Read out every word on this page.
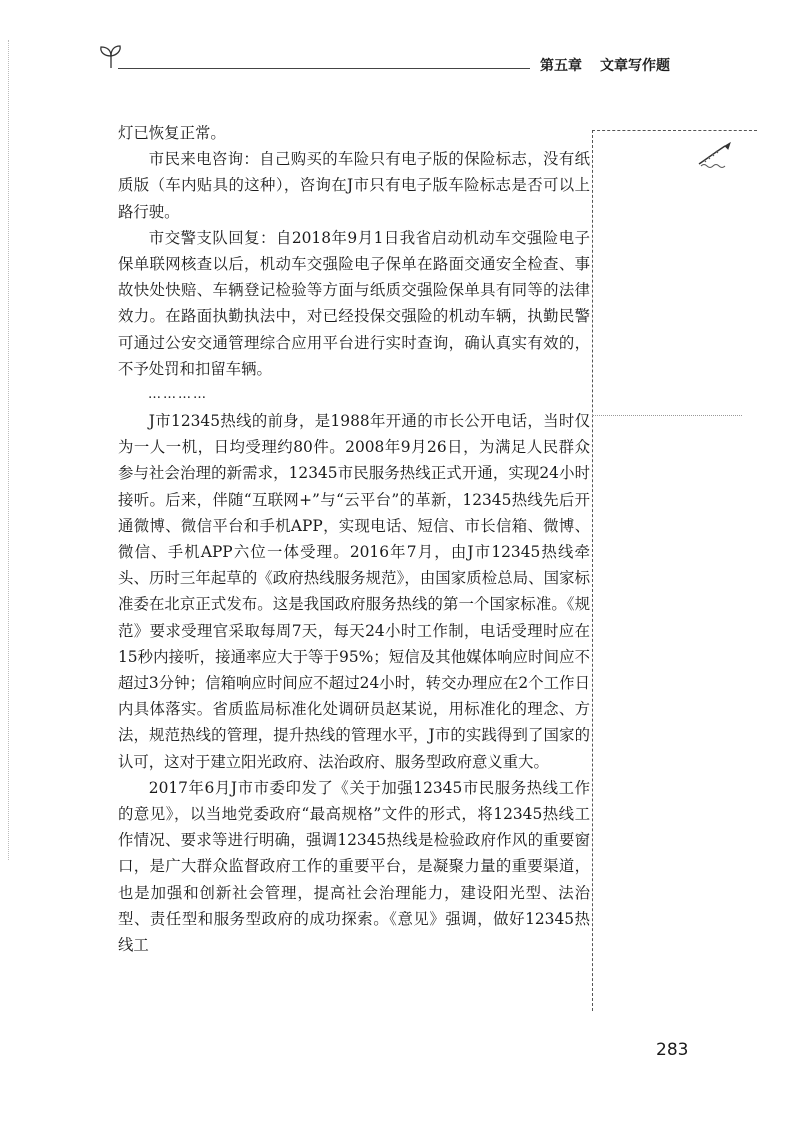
第五章 文章写作题

灯已恢复正常。

市民来电咨询：自己购买的车险只有电子版的保险标志，没有纸质版（车内贴具的这种），咨询在J市只有电子版车险标志是否可以上路行驶。

市交警支队回复：自2018年9月1日我省启动机动车交强险电子保单联网核查以后，机动车交强险电子保单在路面交通安全检查、事故快处快赔、车辆登记检验等方面与纸质交强险保单具有同等的法律效力。在路面执勤执法中，对已经投保交强险的机动车辆，执勤民警可通过公安交通管理综合应用平台进行实时查询，确认真实有效的，不予处罚和扣留车辆。

…………

J市12345热线的前身，是1988年开通的市长公开电话，当时仅为一人一机，日均受理约80件。2008年9月26日，为满足人民群众参与社会治理的新需求，12345市民服务热线正式开通，实现24小时接听。后来，伴随“互联网+”与“云平台”的革新，12345热线先后开通微博、微信平台和手机APP，实现电话、短信、市长信箱、微博、微信、手机APP六位一体受理。2016年7月，由J市12345热线牵头、历时三年起草的《政府热线服务规范》，由国家质检总局、国家标准委在北京正式发布。这是我国政府服务热线的第一个国家标准。《规范》要求受理官采取每周7天，每天24小时工作制，电话受理时应在15秒内接听，接通率应大于等于95%；短信及其他媒体响应时间应不超过3分钟；信箱响应时间应不超过24小时，转交办理应在2个工作日内具体落实。省质监局标准化处调研员赵某说，用标准化的理念、方法，规范热线的管理，提升热线的管理水平，J市的实践得到了国家的认可，这对于建立阳光政府、法治政府、服务型政府意义重大。

2017年6月J市市委印发了《关于加强12345市民服务热线工作的意见》，以当地党委政府“最高规格”文件的形式，将12345热线工作情况、要求等进行明确，强调12345热线是检验政府作风的重要窗口，是广大群众监督政府工作的重要平台，是凝聚力量的重要渠道，也是加强和创新社会管理，提高社会治理能力，建设阳光型、法治型、责任型和服务型政府的成功探索。《意见》强调，做好12345热线工

283
